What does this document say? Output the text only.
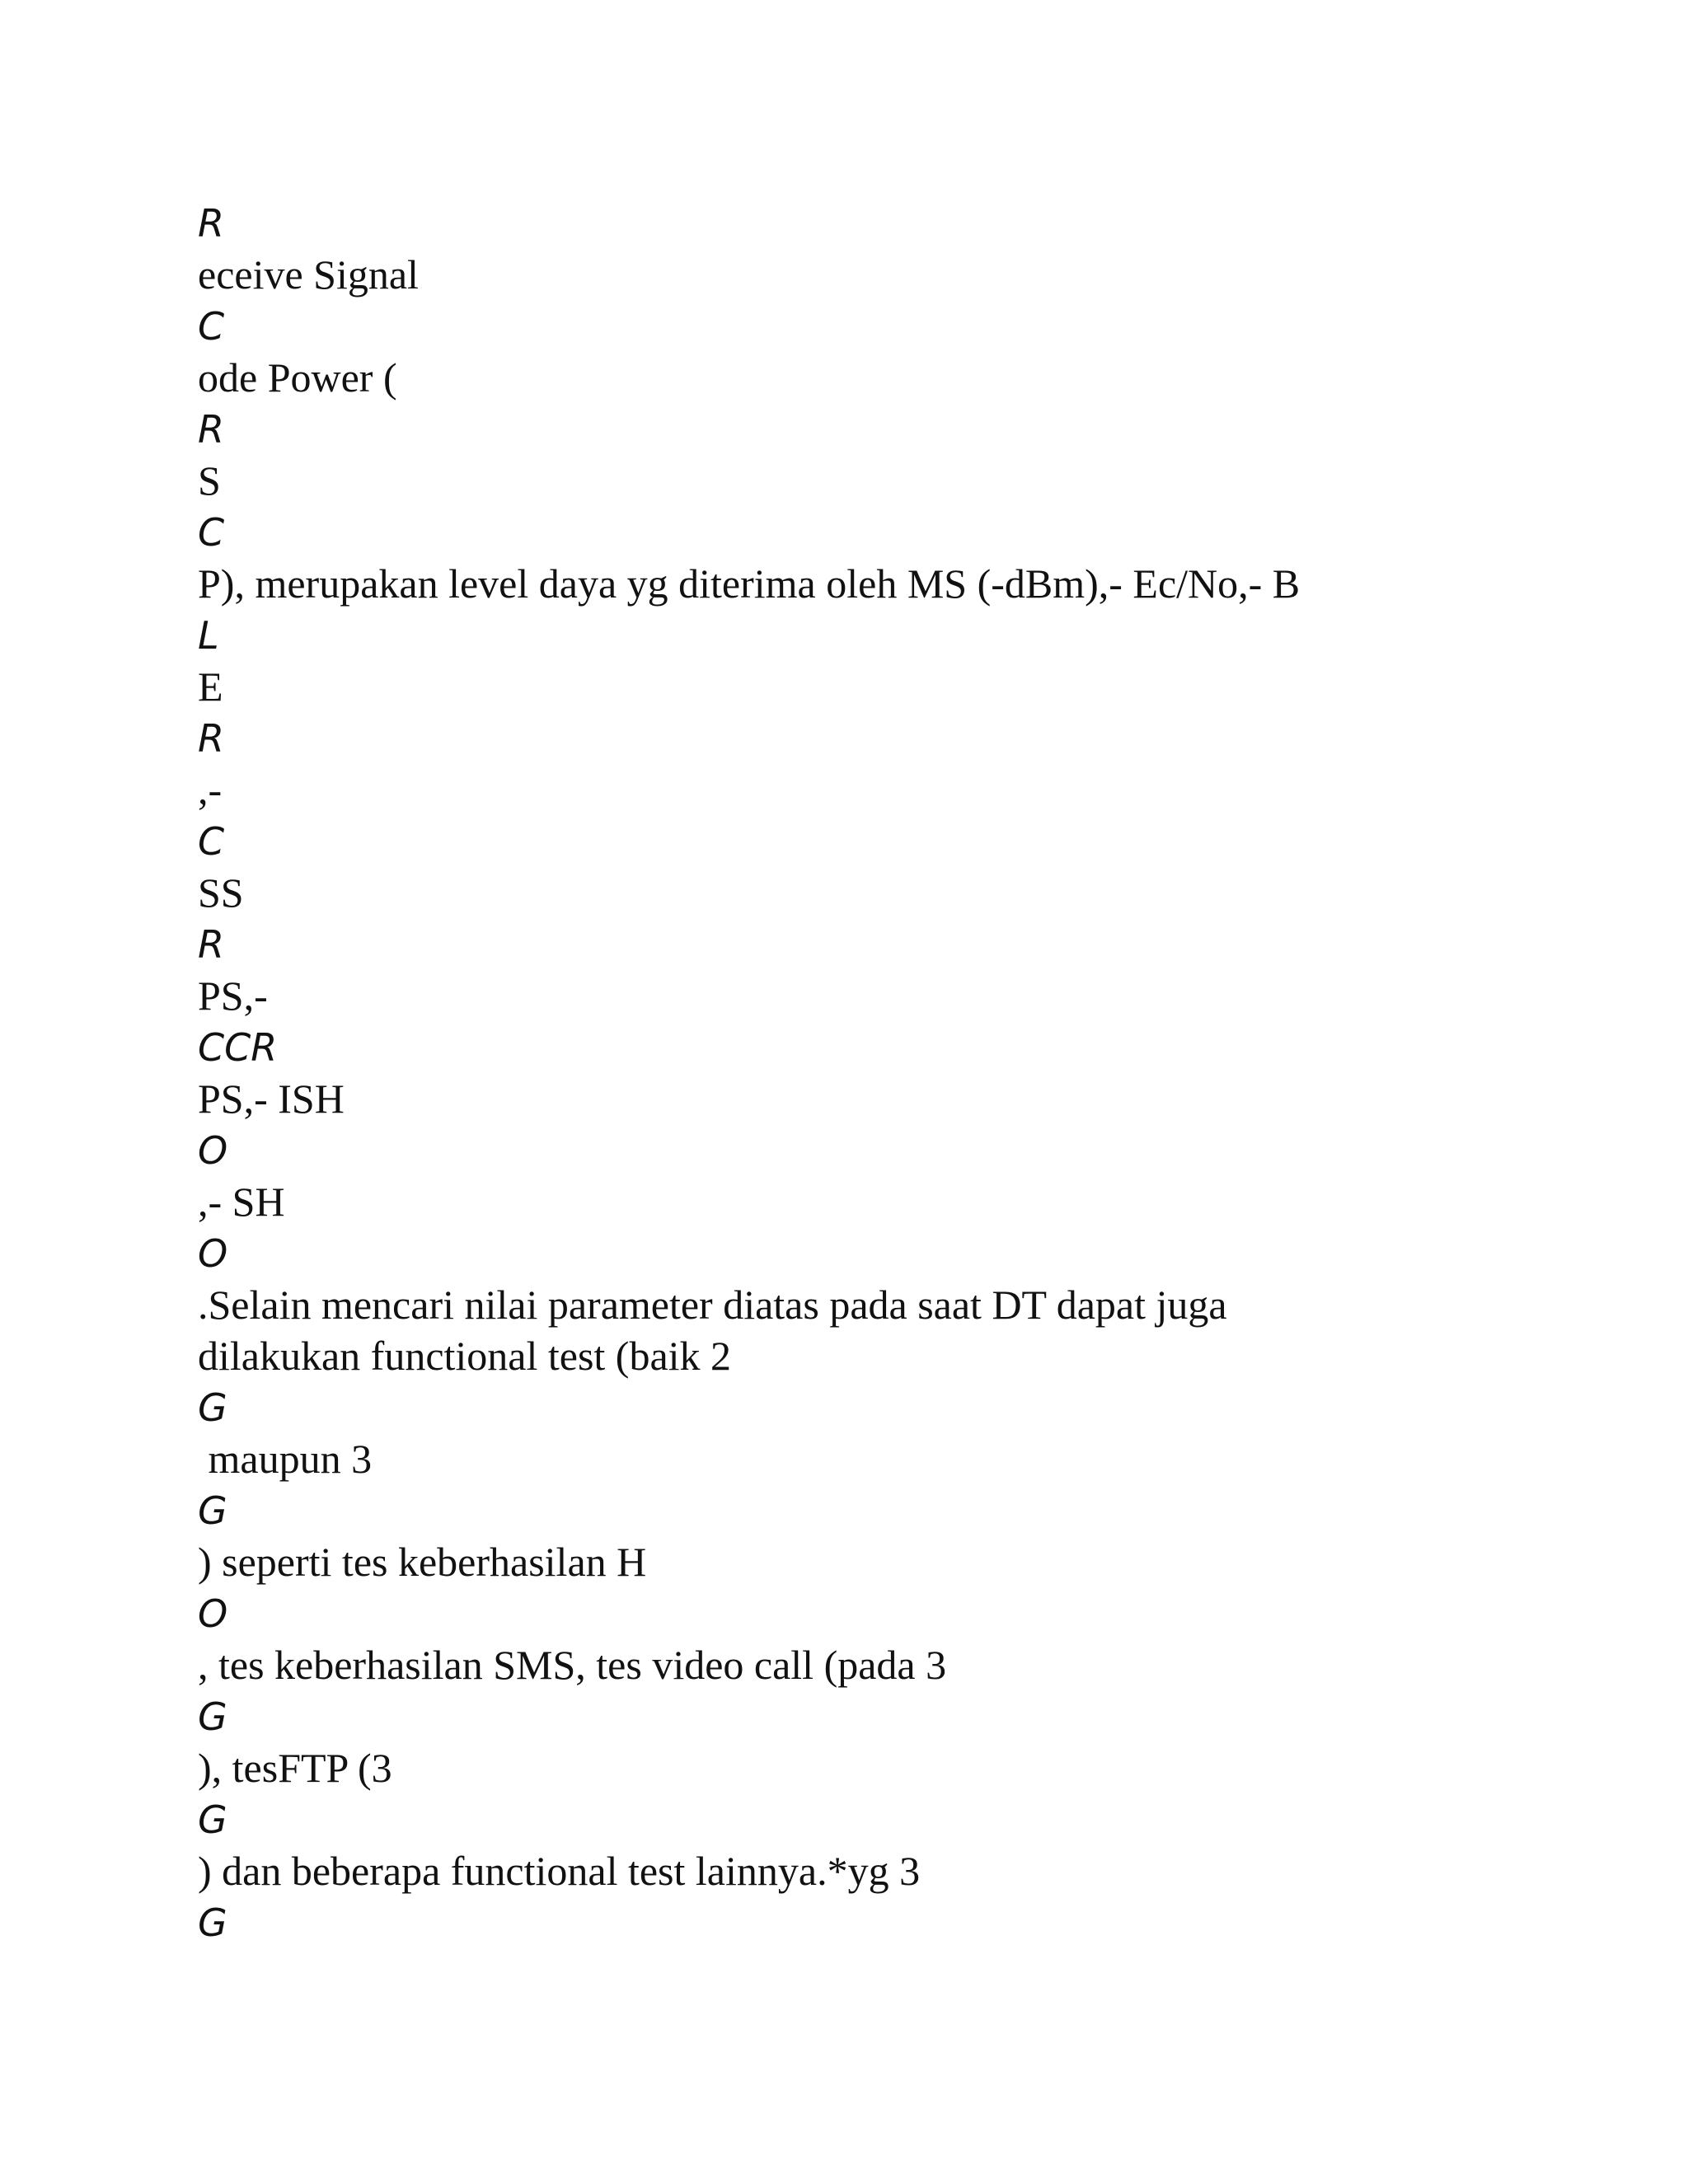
R
eceive Signal
C
ode Power (
R
S
C
P), merupakan level daya yg diterima oleh MS (-dBm),- Ec/No,- B
L
E
R
,-
C
SS
R
PS,-
CCR
PS,- ISH
O
,- SH
O
.Selain mencari nilai parameter diatas pada saat DT dapat juga
dilakukan functional test (baik 2
G
maupun 3
G
) seperti tes keberhasilan H
O
, tes keberhasilan SMS, tes video call (pada 3
G
), tesFTP (3
G
) dan beberapa functional test lainnya.*yg 3
G
